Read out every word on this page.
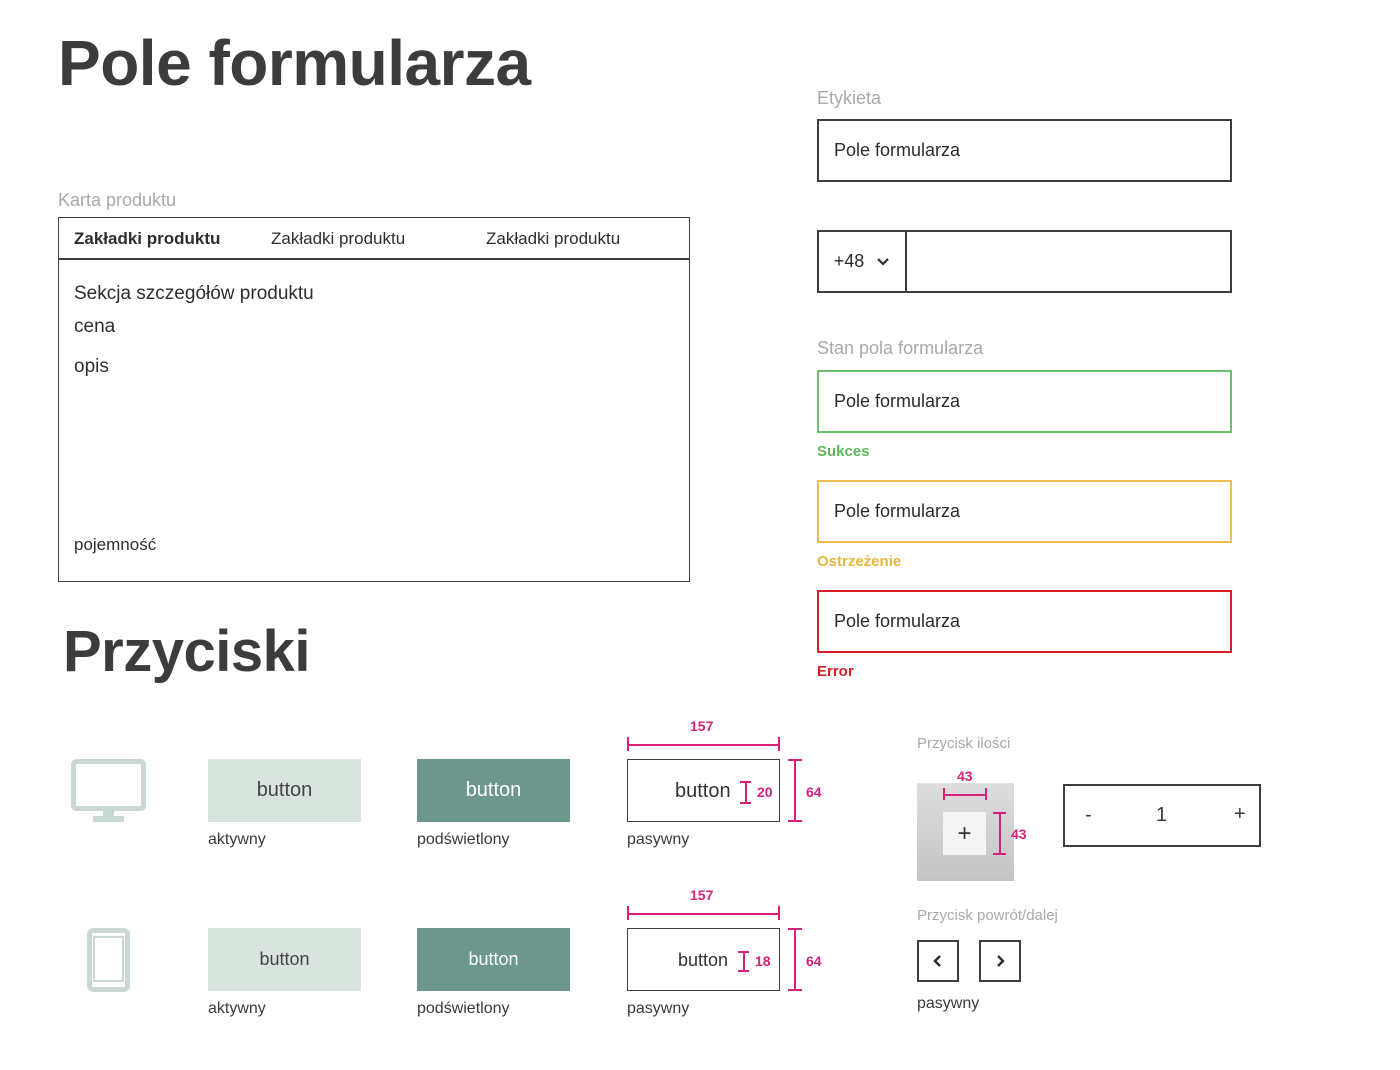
Pole formularza
Karta produktu
Zakładki produktu	Zakładki produktu	Zakładki produktu
Sekcja szczegółów produktu
cena
opis
pojemność
Etykieta
Pole formularza
+48
Stan pola formularza
Pole formularza
Sukces
Pole formularza
Ostrzeżenie
Pole formularza
Error
Przyciski
button
aktywny
button
podświetlony
157
button 20 64
pasywny
button
aktywny
button
podświetlony
157
button 18	64
pasywny
Przycisk ilości
43
+	43
-	1	+
Przycisk powrót/dalej
pasywny
